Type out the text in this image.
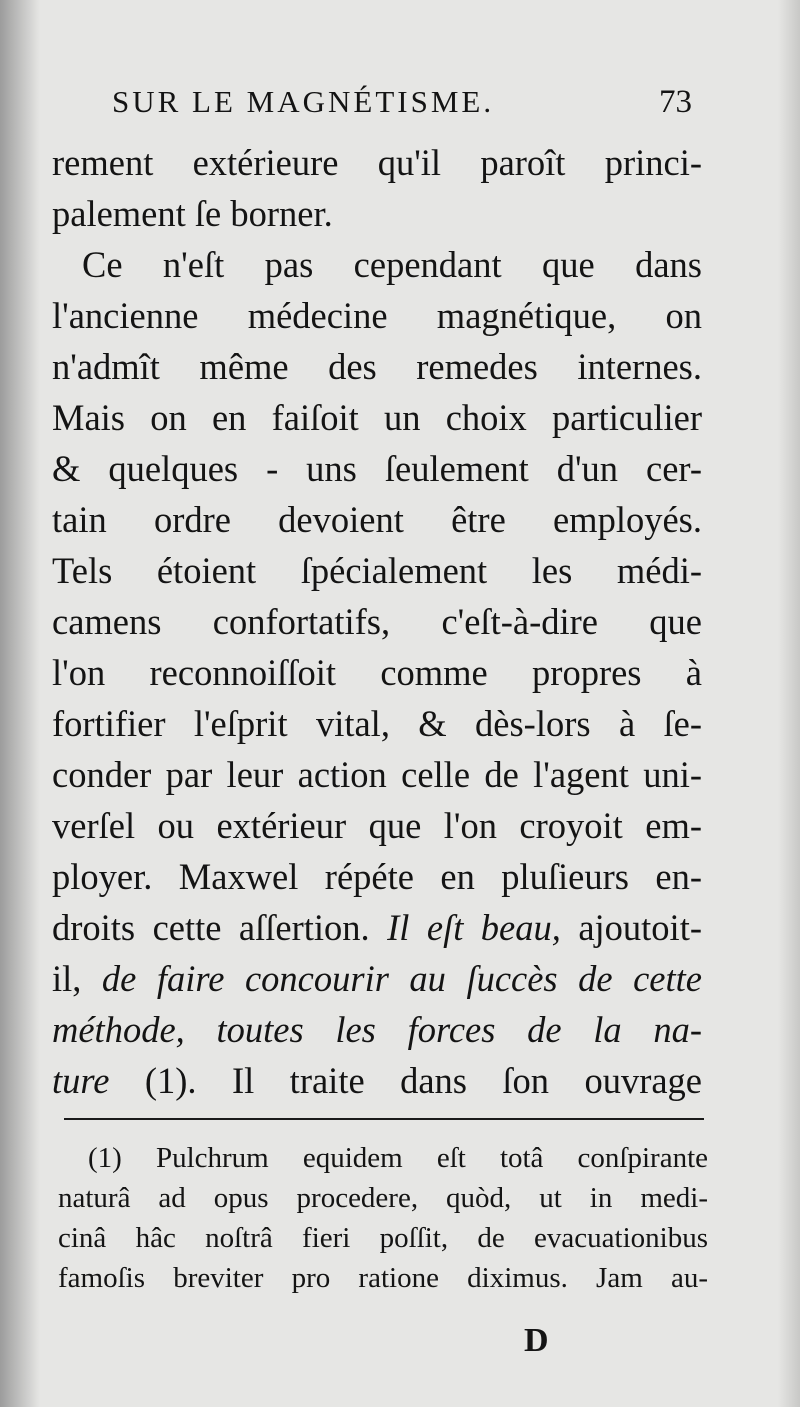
SUR LE MAGNÉTISME.	73
rement extérieure qu'il paroît princi-
palement ſe borner.
Ce n'eſt pas cependant que dans
l'ancienne médecine magnétique, on
n'admît même des remedes internes.
Mais on en faiſoit un choix particulier
& quelques - uns ſeulement d'un cer-
tain ordre devoient être employés.
Tels étoient ſpécialement les médi-
camens confortatifs, c'eſt-à-dire que
l'on reconnoiſſoit comme propres à
fortifier l'eſprit vital, & dès-lors à ſe-
conder par leur action celle de l'agent uni-
verſel ou extérieur que l'on croyoit em-
ployer. Maxwel répéte en pluſieurs en-
droits cette aſſertion. Il eſt beau, ajoutoit-
il, de faire concourir au ſuccès de cette
méthode, toutes les forces de la na-
ture (1). Il traite dans ſon ouvrage
(1) Pulchrum equidem eſt totâ conſpirante
naturâ ad opus procedere, quòd, ut in medi-
cinâ hâc noſtrâ fieri poſſit, de evacuationibus
famoſis breviter pro ratione diximus. Jam au-
D
